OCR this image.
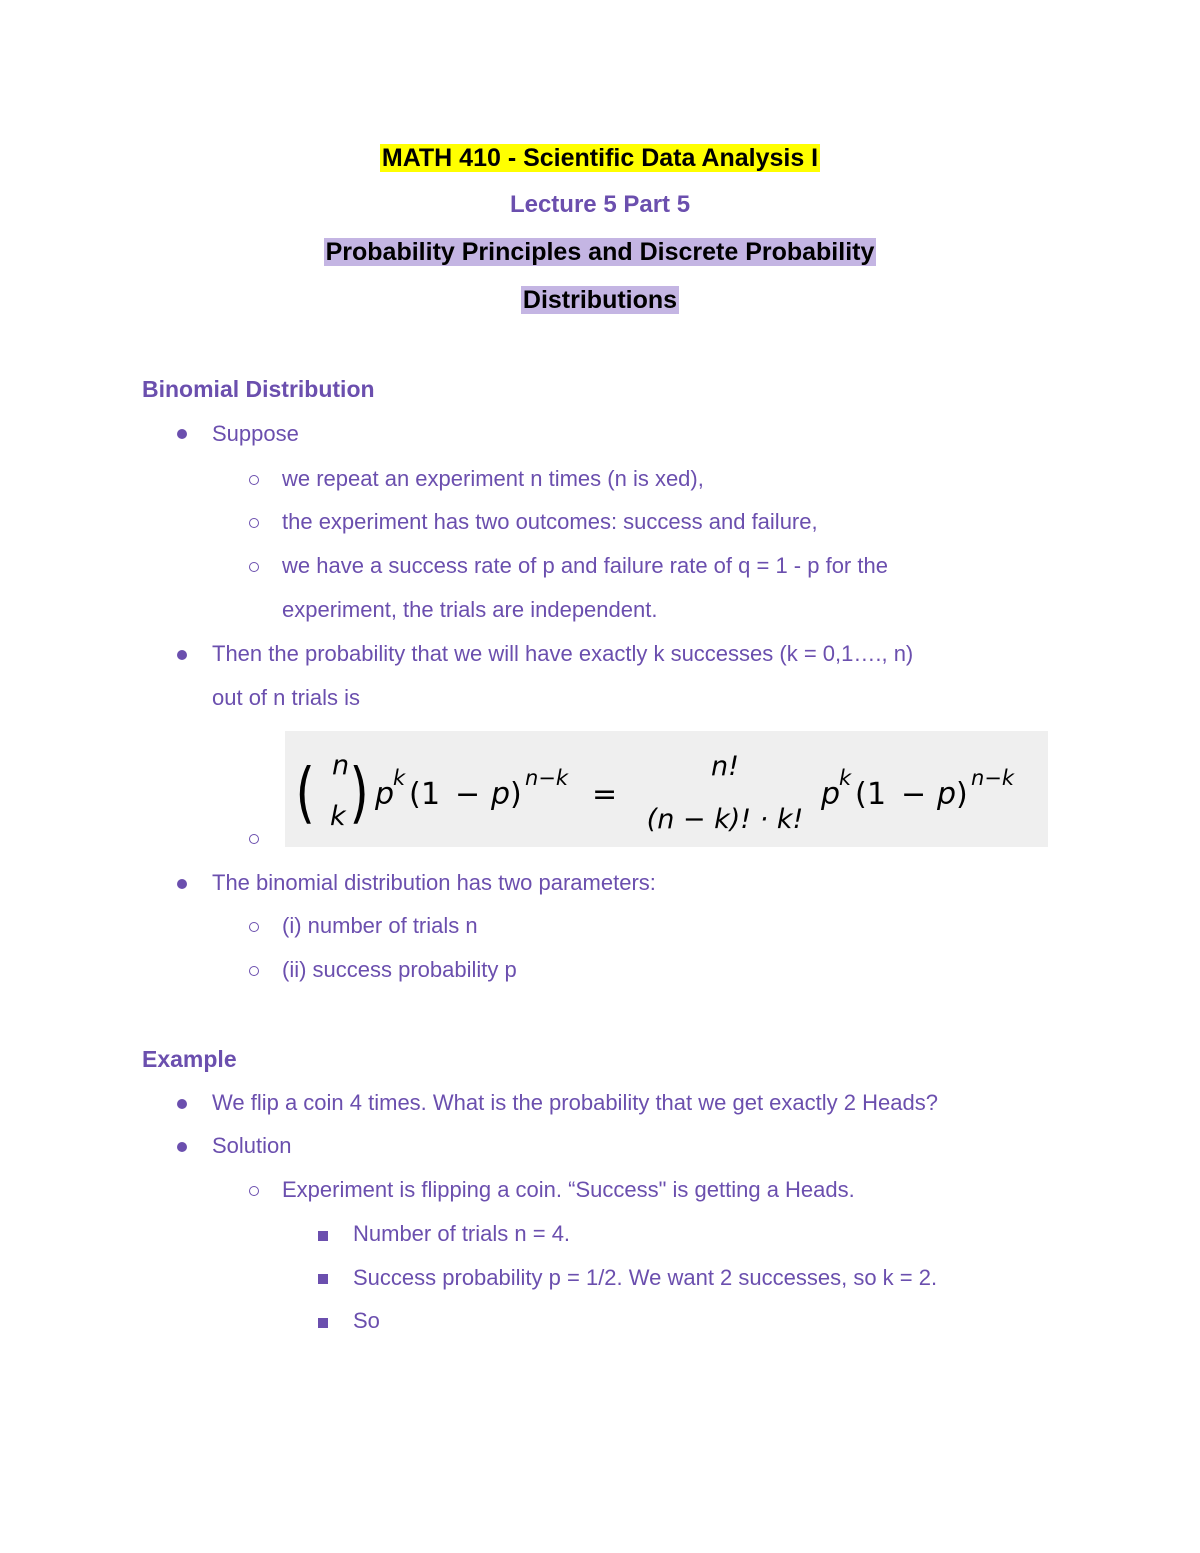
MATH 410 - Scientific Data Analysis I
Lecture 5 Part 5
Probability Principles and Discrete Probability
Distributions
Binomial Distribution
Suppose
we repeat an experiment n times (n is xed),
the experiment has two outcomes: success and failure,
we have a success rate of p and failure rate of q = 1 - p for the
experiment, the trials are independent.
Then the probability that we will have exactly k successes (k = 0,1…., n)
out of n trials is
( n
k ) p
k ( 1 − p ) n−k =
n!
(n − k)! · k!
p
k ( 1 − p ) n−k
The binomial distribution has two parameters:
(i) number of trials n
(ii) success probability p
Example
We flip a coin 4 times. What is the probability that we get exactly 2 Heads?
Solution
Experiment is flipping a coin. “Success" is getting a Heads.
Number of trials n = 4.
Success probability p = 1/2. We want 2 successes, so k = 2.
So
